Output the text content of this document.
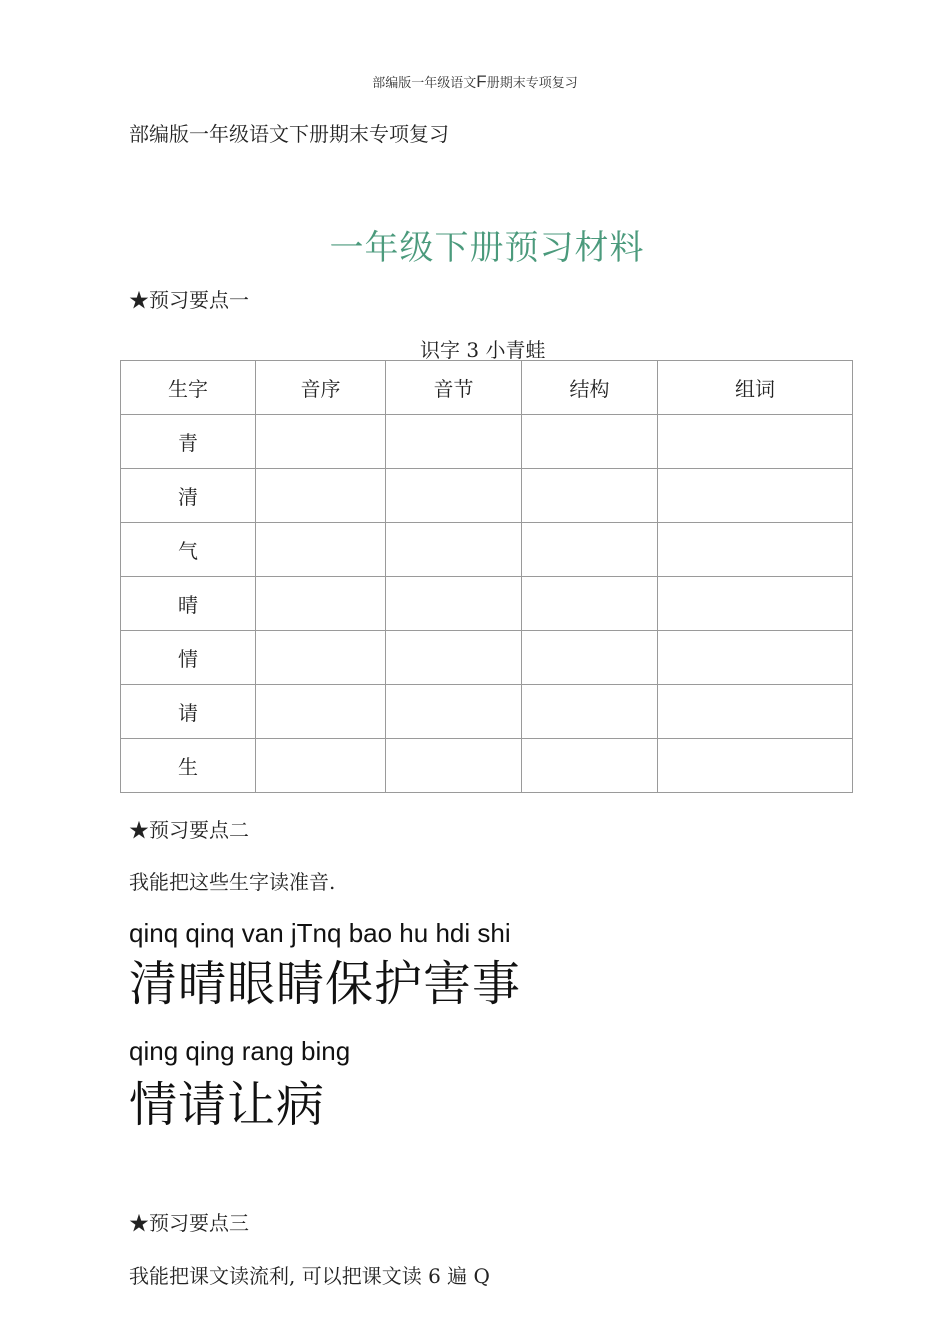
部编版一年级语文F册期末专项复习
部编版一年级语文下册期末专项复习
一年级下册预习材料
★预习要点一
识字 3 小青蛙
生字	音序	音节	结构	组词
青				
清				
气				
晴				
情				
请				
生				
★预习要点二
我能把这些生字读准音.
qinq qinq van jTnq bao hu hdi shi
清晴眼睛保护害事
qing qing rang bing
情请让病
★预习要点三
我能把课文读流利, 可以把课文读 6 遍 Q
